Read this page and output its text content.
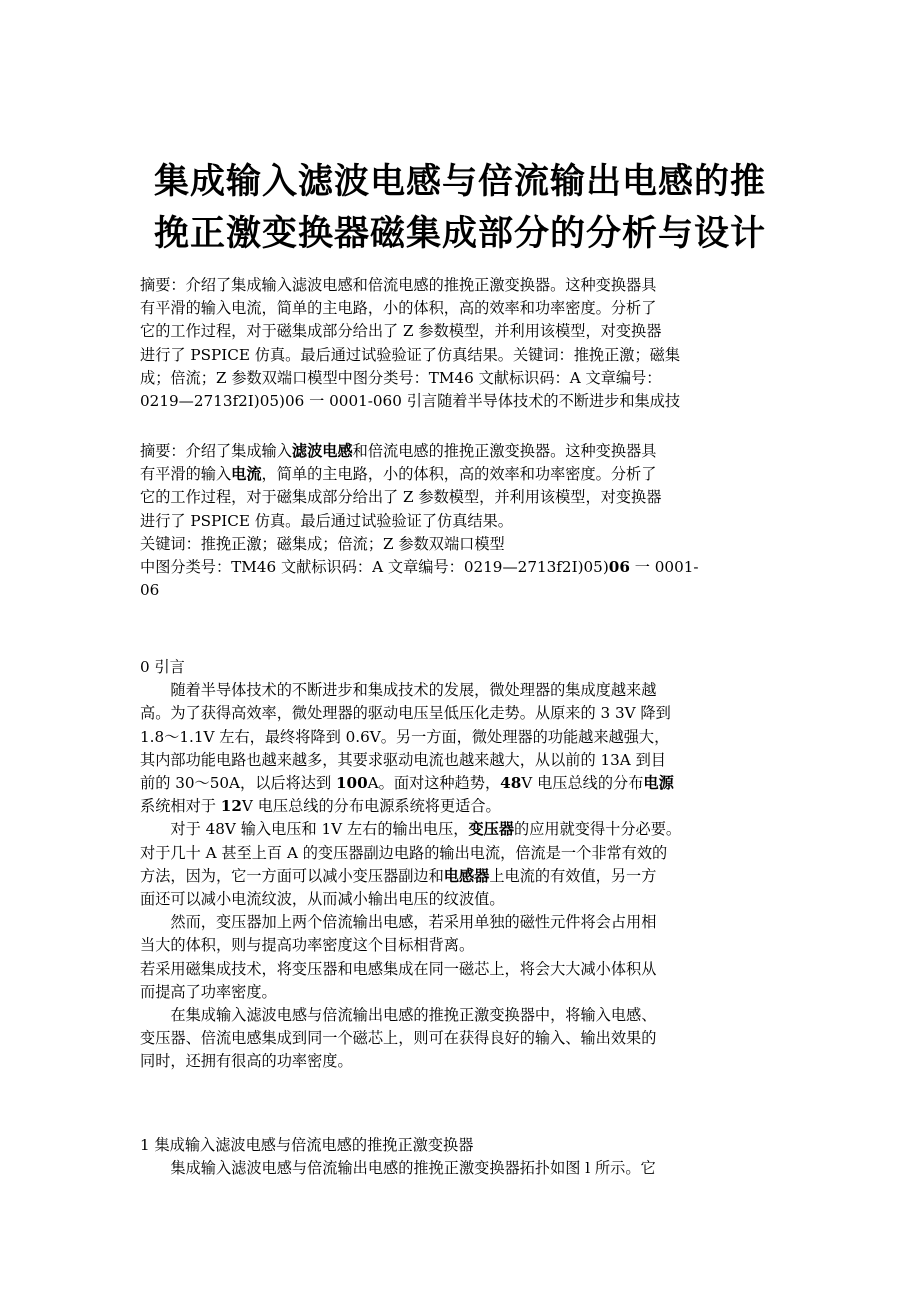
集成输入滤波电感与倍流输出电感的推
挽正激变换器磁集成部分的分析与设计
摘要：介绍了集成输入滤波电感和倍流电感的推挽正激变换器。这种变换器具
有平滑的输入电流，简单的主电路，小的体积，高的效率和功率密度。分析了
它的工作过程，对于磁集成部分给出了 Z 参数模型，并利用该模型，对变换器
进行了 PSPICE 仿真。最后通过试验验证了仿真结果。关键词：推挽正激；磁集
成；倍流；Z 参数双端口模型中图分类号：TM46 文献标识码：A 文章编号：
0219—2713f2I)05)06 一 0001-060 引言随着半导体技术的不断进步和集成技
摘要：介绍了集成输入滤波电感和倍流电感的推挽正激变换器。这种变换器具
有平滑的输入电流，简单的主电路，小的体积，高的效率和功率密度。分析了
它的工作过程，对于磁集成部分给出了 Z 参数模型，并利用该模型，对变换器
进行了 PSPICE 仿真。最后通过试验验证了仿真结果。
关键词：推挽正激；磁集成；倍流；Z 参数双端口模型
中图分类号：TM46 文献标识码：A 文章编号：0219—2713f2I)05)06 一 0001-
06
0 引言

随着半导体技术的不断进步和集成技术的发展，微处理器的集成度越来越
高。为了获得高效率，微处理器的驱动电压呈低压化走势。从原来的 3 3V 降到
1.8～1.1V 左右，最终将降到 0.6V。另一方面，微处理器的功能越来越强大，
其内部功能电路也越来越多，其要求驱动电流也越来越大，从以前的 13A 到目
前的 30～50A，以后将达到 100A。面对这种趋势，48V 电压总线的分布电源
系统相对于 12V 电压总线的分布电源系统将更适合。

对于 48V 输入电压和 1V 左右的输出电压，变压器的应用就变得十分必要。
对于几十 A 甚至上百 A 的变压器副边电路的输出电流，倍流是一个非常有效的
方法，因为，它一方面可以减小变压器副边和电感器上电流的有效值，另一方
面还可以减小电流纹波，从而减小输出电压的纹波值。

然而，变压器加上两个倍流输出电感，若采用单独的磁性元件将会占用相
当大的体积，则与提高功率密度这个目标相背离。

若采用磁集成技术，将变压器和电感集成在同一磁芯上，将会大大减小体积从
而提高了功率密度。

在集成输入滤波电感与倍流输出电感的推挽正激变换器中，将输入电感、
变压器、倍流电感集成到同一个磁芯上，则可在获得良好的输入、输出效果的
同时，还拥有很高的功率密度。

1 集成输入滤波电感与倍流电感的推挽正激变换器
集成输入滤波电感与倍流输出电感的推挽正激变换器拓扑如图 l 所示。它
